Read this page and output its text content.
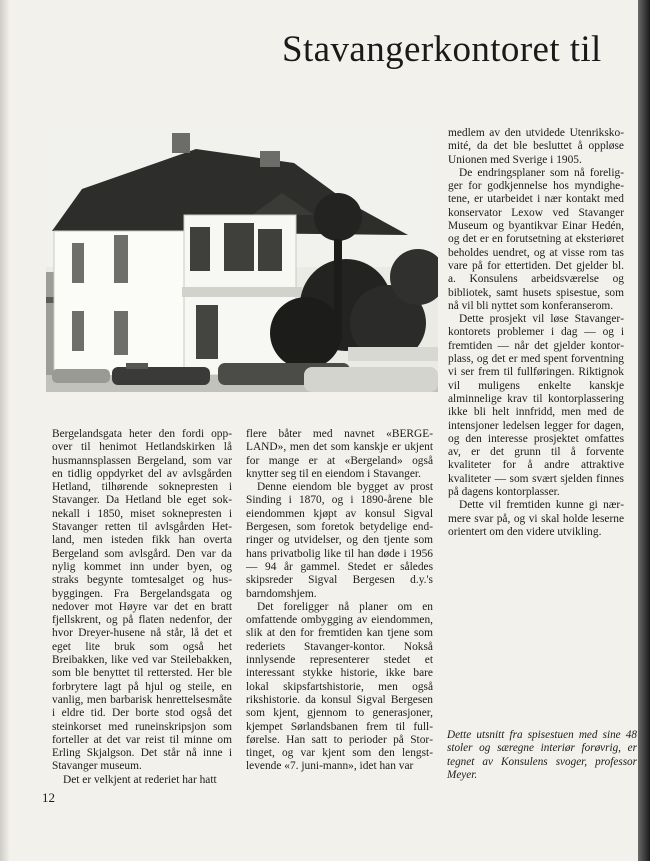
Stavangerkontoret til

Bergelandsgata heter den fordi oppover til henimot Hetlandskirken lå husmannsplassen Bergeland, som var en tidlig oppdyrket del av avlsgården Hetland, tilhørende soknepresten i Stavanger. Da Hetland ble eget soknekall i 1850, miset soknepresten i Stavanger retten til avlsgården Hetland, men isteden fikk han overta Bergeland som avlsgård. Den var da nylig kommet inn under byen, og straks begynte tomtesalget og husbyggingen. Fra Bergelandsgata og nedover mot Høyre var det en bratt fjellskrent, og på flaten nedenfor, der hvor Dreyer-husene nå står, lå det et eget lite bruk som også het Breibakken, like ved var Steilebakken, som ble benyttet til rettersted. Her ble forbrytere lagt på hjul og steile, en vanlig, men barbarisk henrettelsesmåte i eldre tid. Der borte stod også det steinkorset med runeinskripsjon som forteller at det var reist til minne om Erling Skjalgson. Det står nå inne i Stavanger museum.

Det er velkjent at rederiet har hatt

flere båter med navnet «BERGELAND», men det som kanskje er ukjent for mange er at «Bergeland» også knytter seg til en eiendom i Stavanger.

Denne eiendom ble bygget av prost Sinding i 1870, og i 1890-årene ble eiendommen kjøpt av konsul Sigval Bergesen, som foretok betydelige endringer og utvidelser, og den tjente som hans privatbolig like til han døde i 1956 — 94 år gammel. Stedet er således skipsreder Sigval Bergesen d.y.'s barndomshjem.

Det foreligger nå planer om en omfattende ombygging av eiendommen, slik at den for fremtiden kan tjene som rederiets Stavanger-kontor. Nokså innlysende representerer stedet et interessant stykke historie, ikke bare lokal skipsfartshistorie, men også rikshistorie. da konsul Sigval Bergesen som kjent, gjennom to generasjoner, kjempet Sørlandsbanen frem til fullførelse. Han satt to perioder på Stortinget, og var kjent som den lengstlevende «7. juni-mann», idet han var

medlem av den utvidede Utenrikskomité, da det ble besluttet å oppløse Unionen med Sverige i 1905.

De endringsplaner som nå foreligger for godkjennelse hos myndighetene, er utarbeidet i nær kontakt med konservator Lexow ved Stavanger Museum og byantikvar Einar Hedén, og det er en forutsetning at eksteriøret beholdes uendret, og at visse rom tas vare på for ettertiden. Det gjelder bl. a. Konsulens arbeidsværelse og bibliotek, samt husets spisestue, som nå vil bli nyttet som konferanserom.

Dette prosjekt vil løse Stavangerkontorets problemer i dag — og i fremtiden — når det gjelder kontorplass, og det er med spent forventning vi ser frem til fullføringen. Riktignok vil muligens enkelte kanskje alminnelige krav til kontorplassering ikke bli helt innfridd, men med de intensjoner ledelsen legger for dagen, og den interesse prosjektet omfattes av, er det grunn til å forvente kvaliteter for å andre attraktive kvaliteter — som svært sjelden finnes på dagens kontorplasser.

Dette vil fremtiden kunne gi nærmere svar på, og vi skal holde leserne orientert om den videre utvikling.

Dette utsnitt fra spisestuen med sine 48 stoler og særegne interiør forøvrig, er tegnet av Konsulens svoger, professor Meyer.

12
